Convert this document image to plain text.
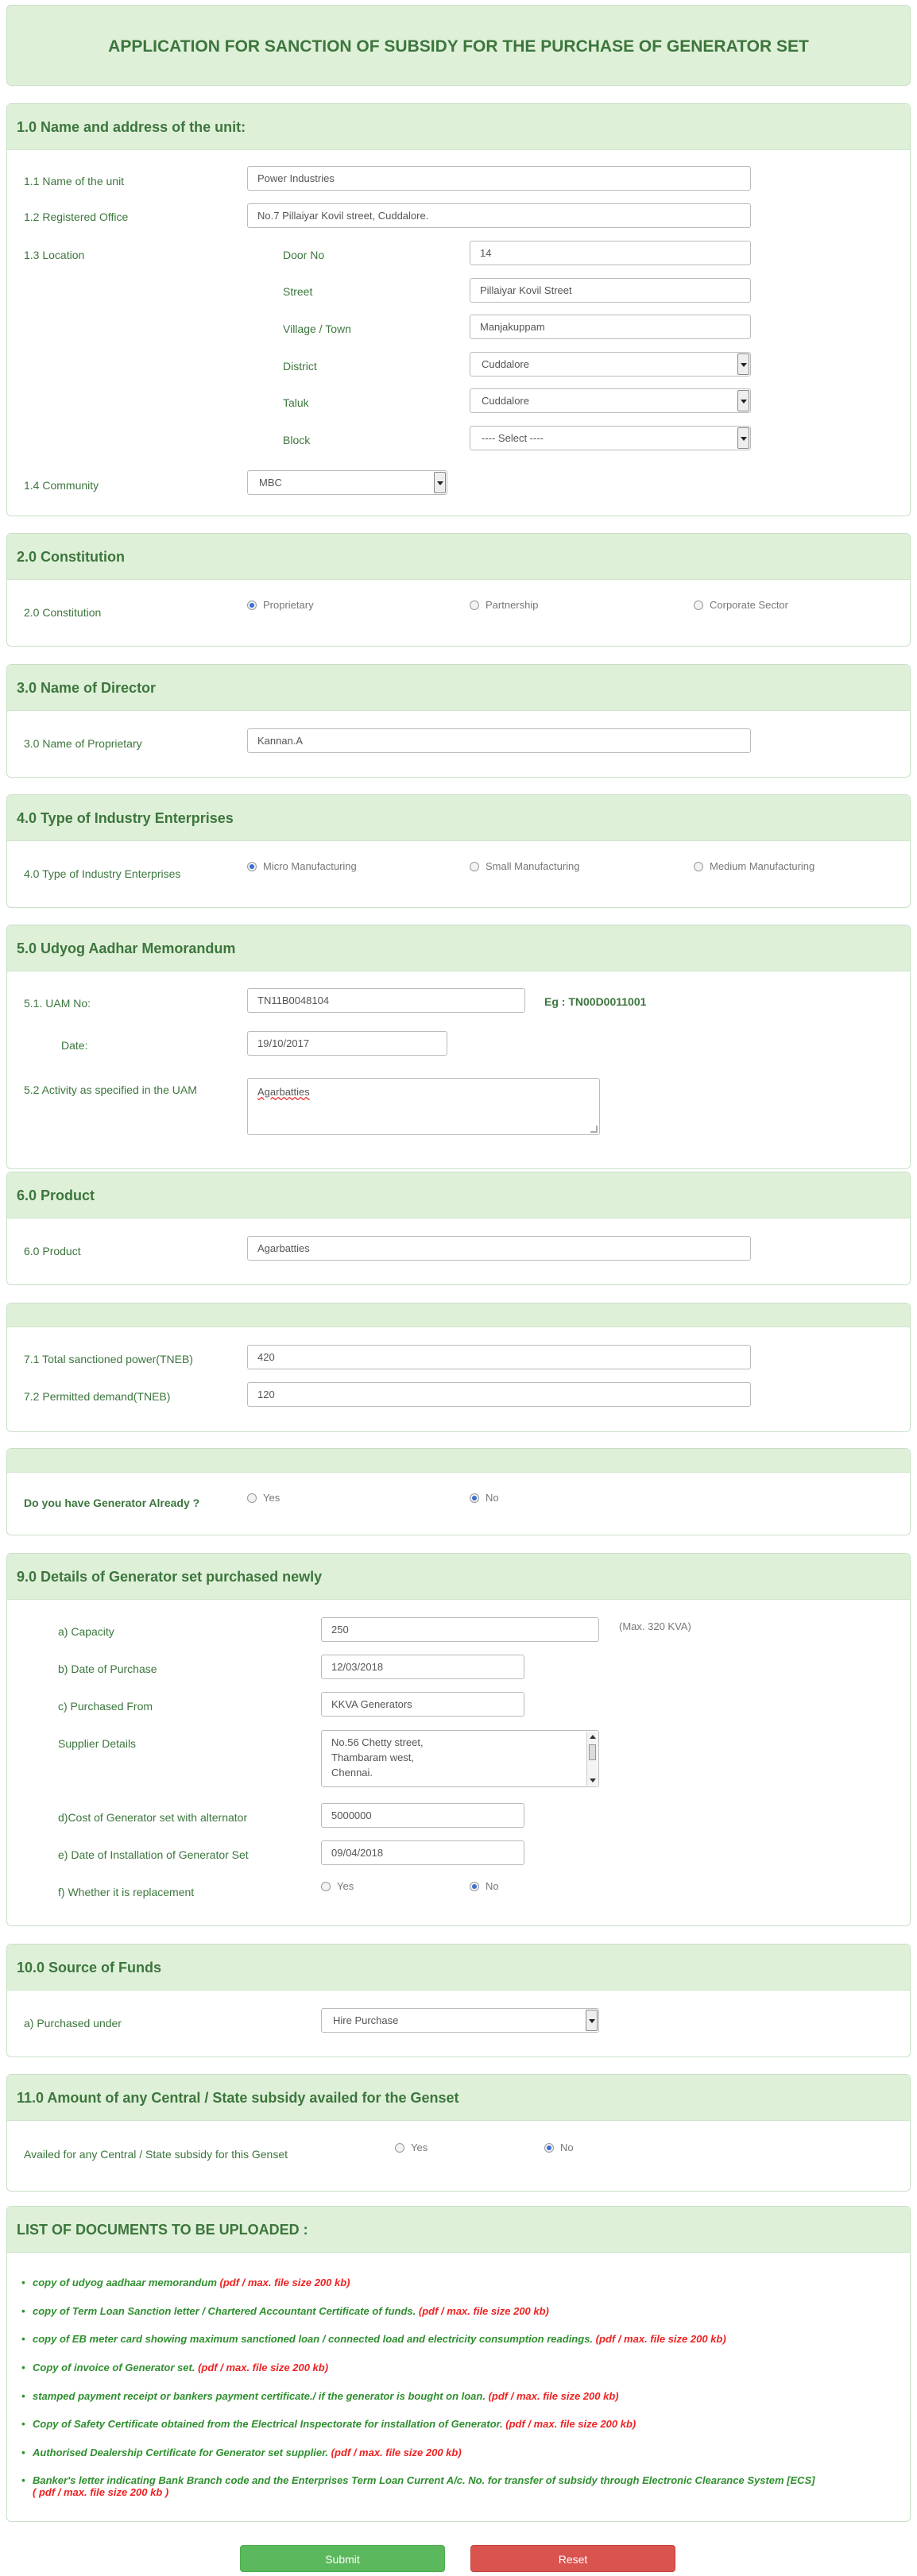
APPLICATION FOR SANCTION OF SUBSIDY FOR THE PURCHASE OF GENERATOR SET
1.0 Name and address of the unit:
1.1 Name of the unit	Power Industries
1.2 Registered Office	No.7 Pillaiyar Kovil street, Cuddalore.
1.3 Location	Door No	14
Street	Pillaiyar Kovil Street
Village / Town	Manjakuppam
District	Cuddalore
Taluk	Cuddalore
Block	---- Select ----
1.4 Community	MBC
2.0 Constitution
2.0 Constitution
Proprietary	Partnership	Corporate Sector
3.0 Name of Director
3.0 Name of Proprietary	Kannan.A
4.0 Type of Industry Enterprises
4.0 Type of Industry Enterprises
Micro Manufacturing	Small Manufacturing	Medium Manufacturing
5.0 Udyog Aadhar Memorandum
5.1. UAM No:	TN11B0048104	Eg : TN00D0011001
Date:	19/10/2017
5.2 Activity as specified in the UAM	Agarbatties
6.0 Product
6.0 Product	Agarbatties
7.1 Total sanctioned power(TNEB)	420
7.2 Permitted demand(TNEB)	120
Do you have Generator Already ?	Yes	No
9.0 Details of Generator set purchased newly
a) Capacity	250	(Max. 320 KVA)
b) Date of Purchase	12/03/2018
c) Purchased From	KKVA Generators
Supplier Details	No.56 Chetty street,
Thambaram west,
Chennai.
d)Cost of Generator set with alternator	5000000
e) Date of Installation of Generator Set	09/04/2018
f) Whether it is replacement	Yes	No
10.0 Source of Funds
a) Purchased under	Hire Purchase
11.0 Amount of any Central / State subsidy availed for the Genset
Availed for any Central / State subsidy for this Genset
Yes	No
LIST OF DOCUMENTS TO BE UPLOADED :
• copy of udyog aadhaar memorandum (pdf / max. file size 200 kb)
• copy of Term Loan Sanction letter / Chartered Accountant Certificate of funds. (pdf / max. file size 200 kb)
• copy of EB meter card showing maximum sanctioned loan / connected load and electricity consumption readings. (pdf / max. file size 200 kb)
• Copy of invoice of Generator set. (pdf / max. file size 200 kb)
• stamped payment receipt or bankers payment certificate./ if the generator is bought on loan. (pdf / max. file size 200 kb)
• Copy of Safety Certificate obtained from the Electrical Inspectorate for installation of Generator. (pdf / max. file size 200 kb)
• Authorised Dealership Certificate for Generator set supplier. (pdf / max. file size 200 kb)
• Banker's letter indicating Bank Branch code and the Enterprises Term Loan Current A/c. No. for transfer of subsidy through Electronic Clearance System [ECS]
( pdf / max. file size 200 kb )
Submit	Reset
